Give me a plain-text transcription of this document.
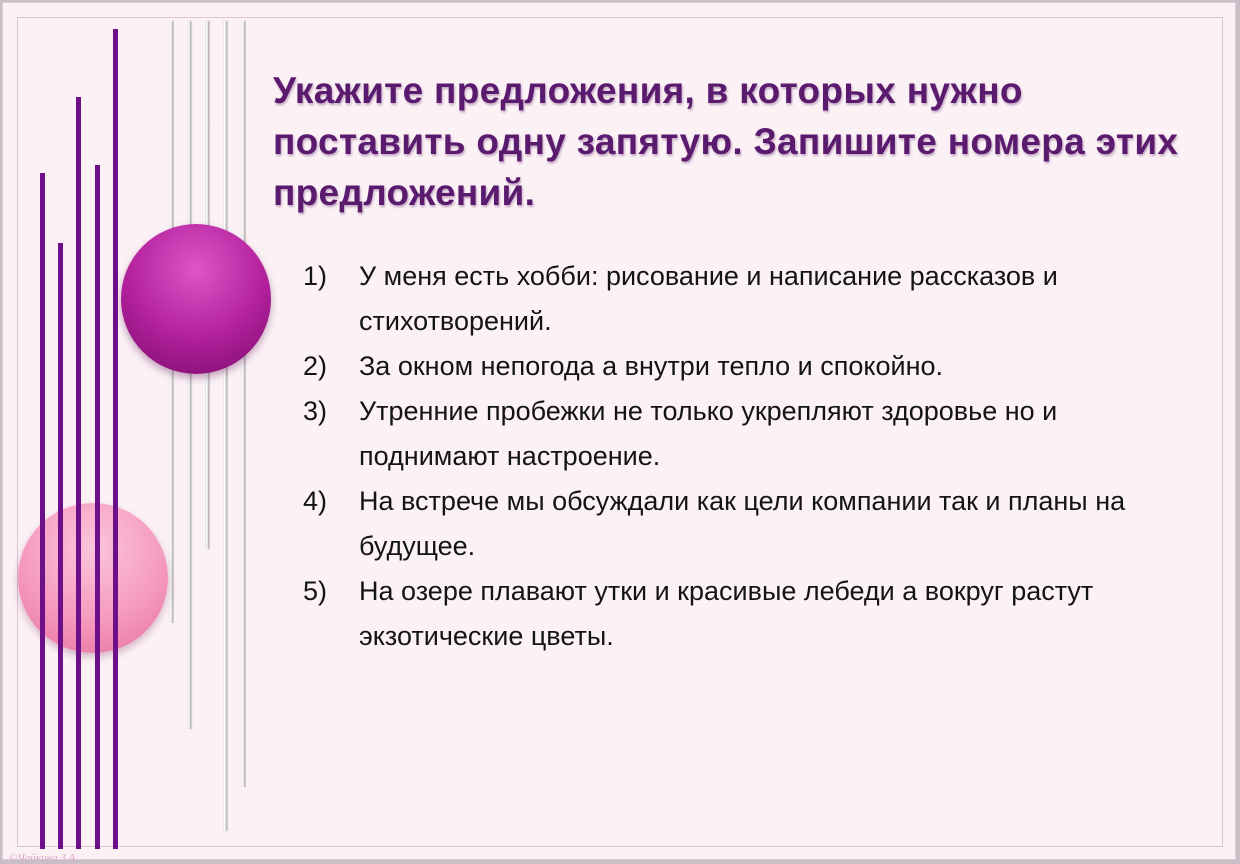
Укажите предложения, в которых нужно поставить одну запятую. Запишите номера этих предложений.
1)	У меня есть хобби: рисование и написание рассказов и стихотворений.
2)	За окном непогода а внутри тепло и спокойно.
3)	Утренние пробежки не только укрепляют здоровье но и поднимают настроение.
4)	На встрече мы обсуждали как цели компании так и планы на будущее.
5)	На озере плавают утки и красивые лебеди а вокруг растут экзотические цветы.
©Чайкина З.А.
